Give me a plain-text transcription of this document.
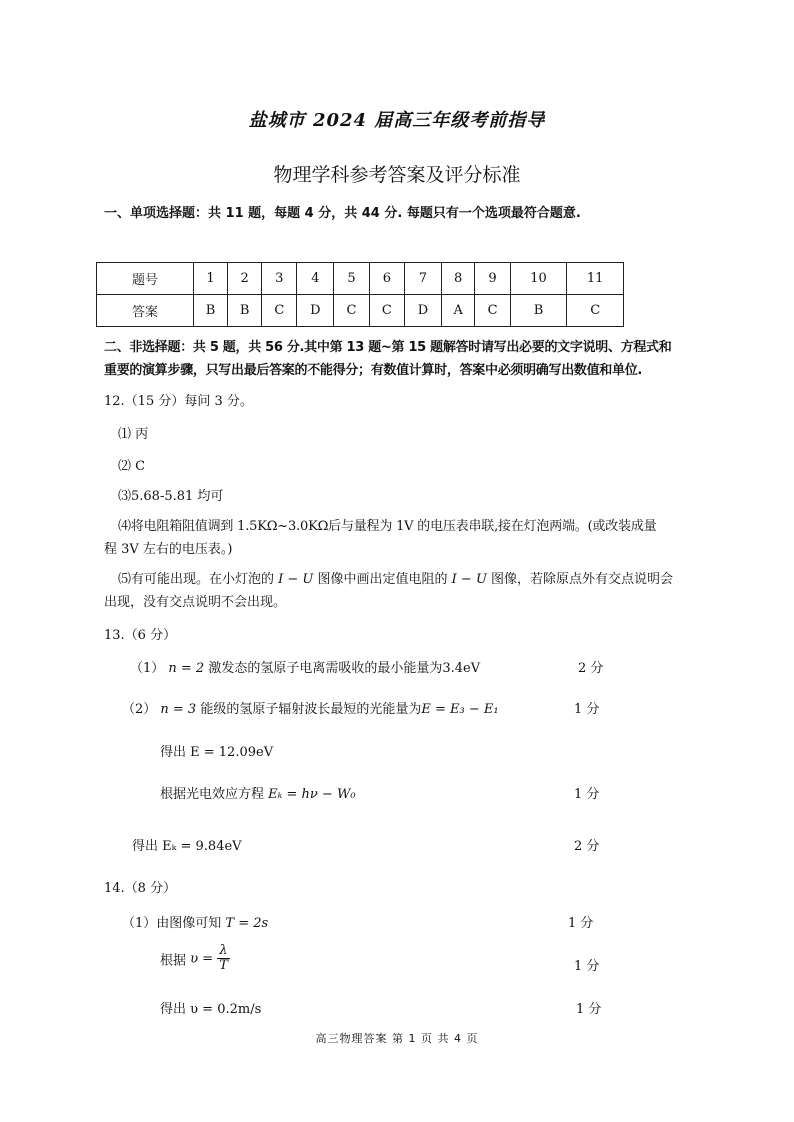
盐城市 2024 届高三年级考前指导
物理学科参考答案及评分标准
一、单项选择题：共 11 题，每题 4 分，共 44 分. 每题只有一个选项最符合题意.
题号	1	2	3	4	5	6	7	8	9	10	11
答案	B	B	C	D	C	C	D	A	C	B	C
二、非选择题：共 5 题，共 56 分.其中第 13 题~第 15 题解答时请写出必要的文字说明、方程式和
重要的演算步骤，只写出最后答案的不能得分；有数值计算时，答案中必须明确写出数值和单位.
12.（15 分）每问 3 分。
⑴ 丙
⑵ C
⑶5.68-5.81 均可
⑷将电阻箱阻值调到 1.5KΩ~3.0KΩ后与量程为 1V 的电压表串联,接在灯泡两端。(或改装成量
程 3V 左右的电压表。)
⑸有可能出现。在小灯泡的 I − U 图像中画出定值电阻的 I − U 图像，若除原点外有交点说明会
出现，没有交点说明不会出现。
13.（6 分）
（1） n = 2 激发态的氢原子电离需吸收的最小能量为3.4eV	2 分
（2） n = 3 能级的氢原子辐射波长最短的光能量为E = E₃ − E₁	1 分
得出 E = 12.09eV
根据光电效应方程 Eₖ = hν − W₀	1 分
得出 Eₖ = 9.84eV	2 分
14.（8 分）
（1）由图像可知 T = 2s	1 分
根据 $\upsilon = \frac{\lambda}{T}$	1 分
得出 υ = 0.2m/s	1 分
高三物理答案 第 1 页 共 4 页
